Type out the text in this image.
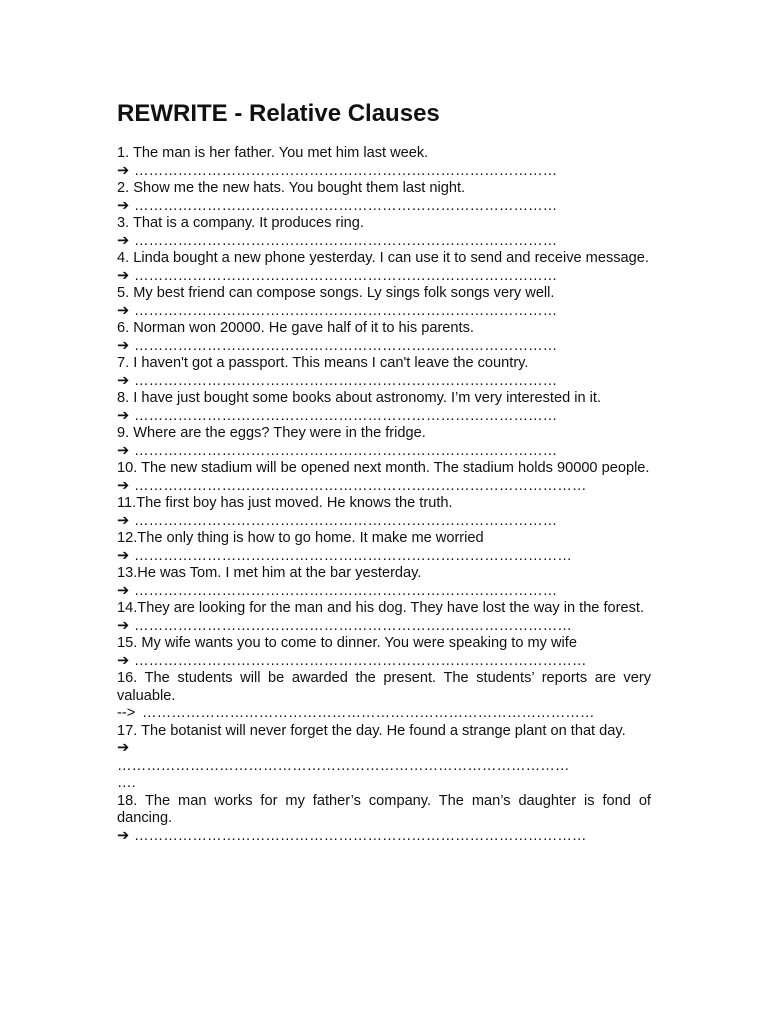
REWRITE - Relative Clauses
1. The man is her father. You met him last week.
➔ ……………………………………………………………………………
2. Show me the new hats. You bought them last night.
➔ ……………………………………………………………………………
3. That is a company. It produces ring.
➔ ……………………………………………………………………………
4. Linda bought a new phone yesterday. I can use it to send and receive message.
➔ ……………………………………………………………………………
5. My best friend can compose songs. Ly sings folk songs very well.
➔ ……………………………………………………………………………
6. Norman won 20000. He gave half of it to his parents.
➔ ……………………………………………………………………………
7. I haven't got a passport. This means I can't leave the country.
➔ ……………………………………………………………………………
8. I have just bought some books about astronomy. I’m very interested in it.
➔ ……………………………………………………………………………
9. Where are the eggs? They were in the fridge.
➔ ……………………………………………………………………………
10. The new stadium will be opened next month. The stadium holds 90000 people.
➔ …………………………………………………………………………………
11.The first boy has just moved. He knows the truth.
➔ ……………………………………………………………………………
12.The only thing is how to go home. It make me worried
➔ ………………………………………………………………………………
13.He was Tom. I met him at the bar yesterday.
➔ ……………………………………………………………………………
14.They are looking for the man and his dog. They have lost the way in the forest.
➔ ………………………………………………………………………………
15. My wife wants you to come to dinner. You were speaking to my wife
➔ …………………………………………………………………………………
16. The students will be awarded the present. The students’ reports are very valuable.
--> …………………………………………………………………………………
17. The botanist will never forget the day. He found a strange plant on that day.
➔
…………………………………………………………………………………
….
18. The man works for my father’s company. The man’s daughter is fond of dancing.
➔ …………………………………………………………………………………
